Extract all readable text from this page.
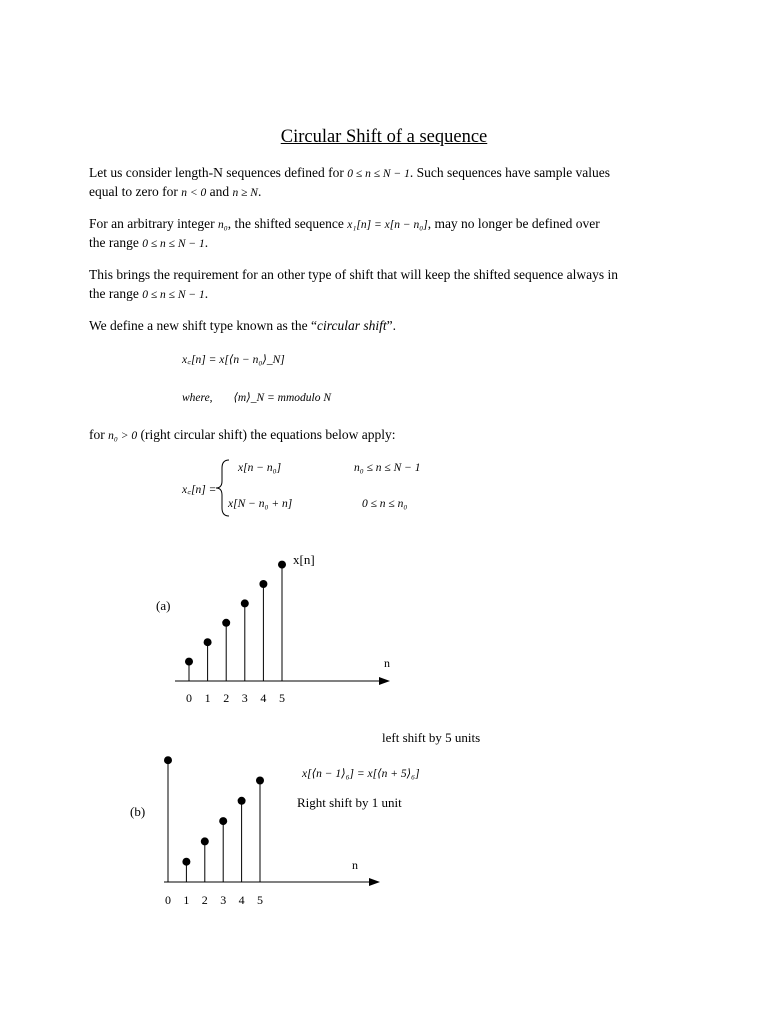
Circular Shift of a sequence
Let us consider length-N sequences defined for 0 ≤ n ≤ N − 1. Such sequences have sample values
equal to zero for n < 0 and n ≥ N.
For an arbitrary integer n₀, the shifted sequence x₁[n] = x[n − n₀], may no longer be defined over
the range 0 ≤ n ≤ N − 1.
This brings the requirement for an other type of shift that will keep the shifted sequence always in
the range 0 ≤ n ≤ N − 1.
We define a new shift type known as the “circular shift”.
x꜀[n] = x[⟨n − n₀⟩_N]
where, ⟨m⟩_N = mmodulo N
for n₀ > 0 (right circular shift) the equations below apply:
x꜀[n] =
x[n − n₀]	n₀ ≤ n ≤ N − 1
x[N − n₀ + n]	0 ≤ n ≤ n₀
0 1 2 3 4 5
(a)
n
x[n]
0 1 2 3 4 5
(b)
n
left shift by 5 units
x[⟨n − 1⟩₆] = x[⟨n + 5⟩₆]
Right shift by 1 unit
